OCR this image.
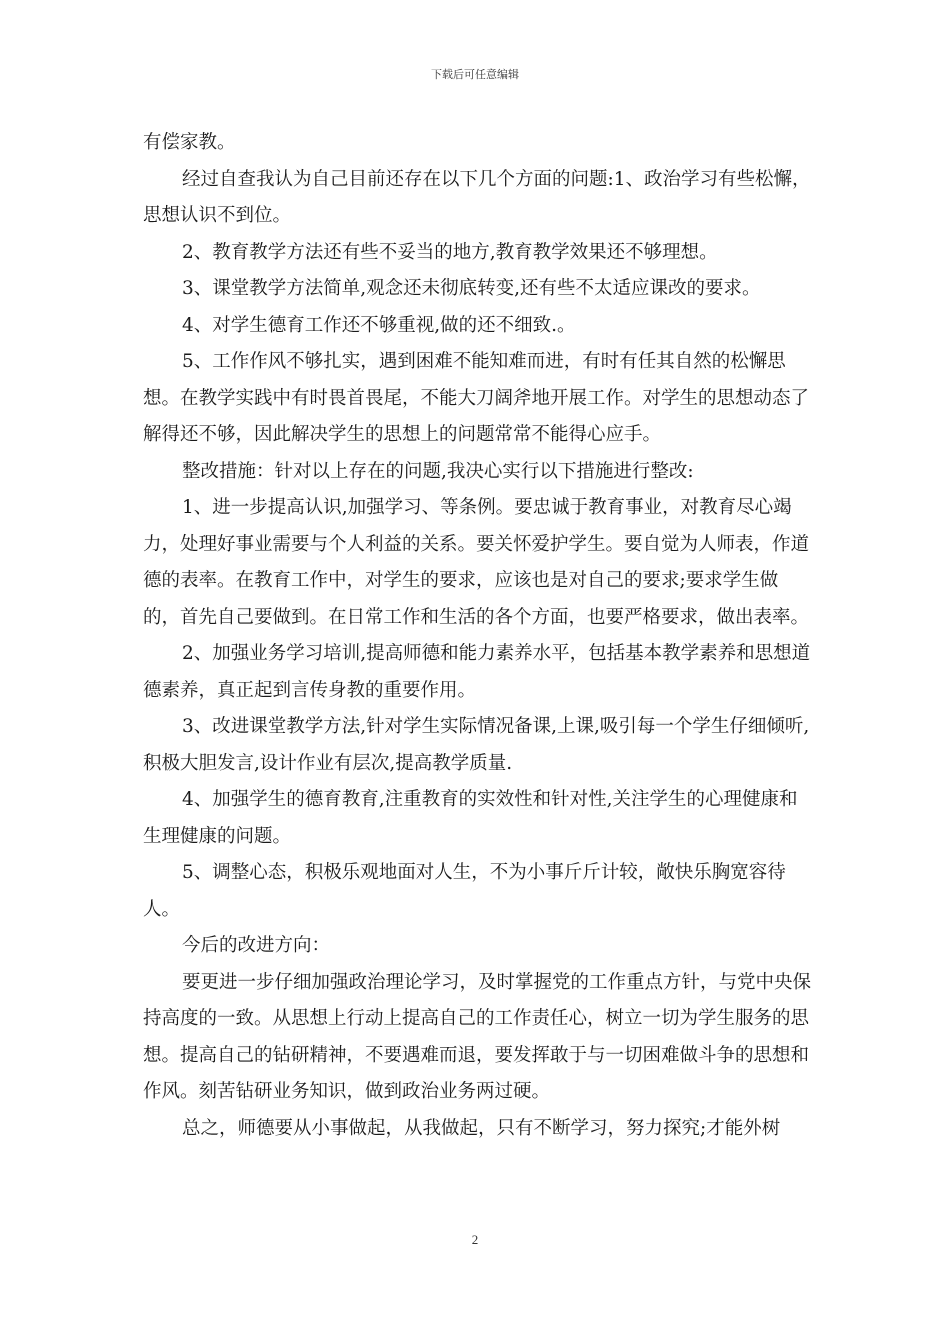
下载后可任意编辑

有偿家教。

经过自查我认为自己目前还存在以下几个方面的问题:1、政治学习有些松懈，思想认识不到位。

2、教育教学方法还有些不妥当的地方,教育教学效果还不够理想。

3、课堂教学方法简单,观念还未彻底转变,还有些不太适应课改的要求。

4、对学生德育工作还不够重视,做的还不细致.。

5、工作作风不够扎实，遇到困难不能知难而进，有时有任其自然的松懈思想。在教学实践中有时畏首畏尾，不能大刀阔斧地开展工作。对学生的思想动态了解得还不够，因此解决学生的思想上的问题常常不能得心应手。

整改措施：针对以上存在的问题,我决心实行以下措施进行整改:

1、进一步提高认识,加强学习、等条例。要忠诚于教育事业，对教育尽心竭力，处理好事业需要与个人利益的关系。要关怀爱护学生。要自觉为人师表，作道德的表率。在教育工作中，对学生的要求，应该也是对自己的要求;要求学生做的，首先自己要做到。在日常工作和生活的各个方面，也要严格要求，做出表率。

2、加强业务学习培训,提高师德和能力素养水平，包括基本教学素养和思想道德素养，真正起到言传身教的重要作用。

3、改进课堂教学方法,针对学生实际情况备课,上课,吸引每一个学生仔细倾听,积极大胆发言,设计作业有层次,提高教学质量.

4、加强学生的德育教育,注重教育的实效性和针对性,关注学生的心理健康和生理健康的问题。

5、调整心态，积极乐观地面对人生，不为小事斤斤计较，敞快乐胸宽容待人。

今后的改进方向：

要更进一步仔细加强政治理论学习，及时掌握党的工作重点方针，与党中央保持高度的一致。从思想上行动上提高自己的工作责任心，树立一切为学生服务的思想。提高自己的钻研精神，不要遇难而退，要发挥敢于与一切困难做斗争的思想和作风。刻苦钻研业务知识，做到政治业务两过硬。

总之，师德要从小事做起，从我做起，只有不断学习，努力探究;才能外树

2
